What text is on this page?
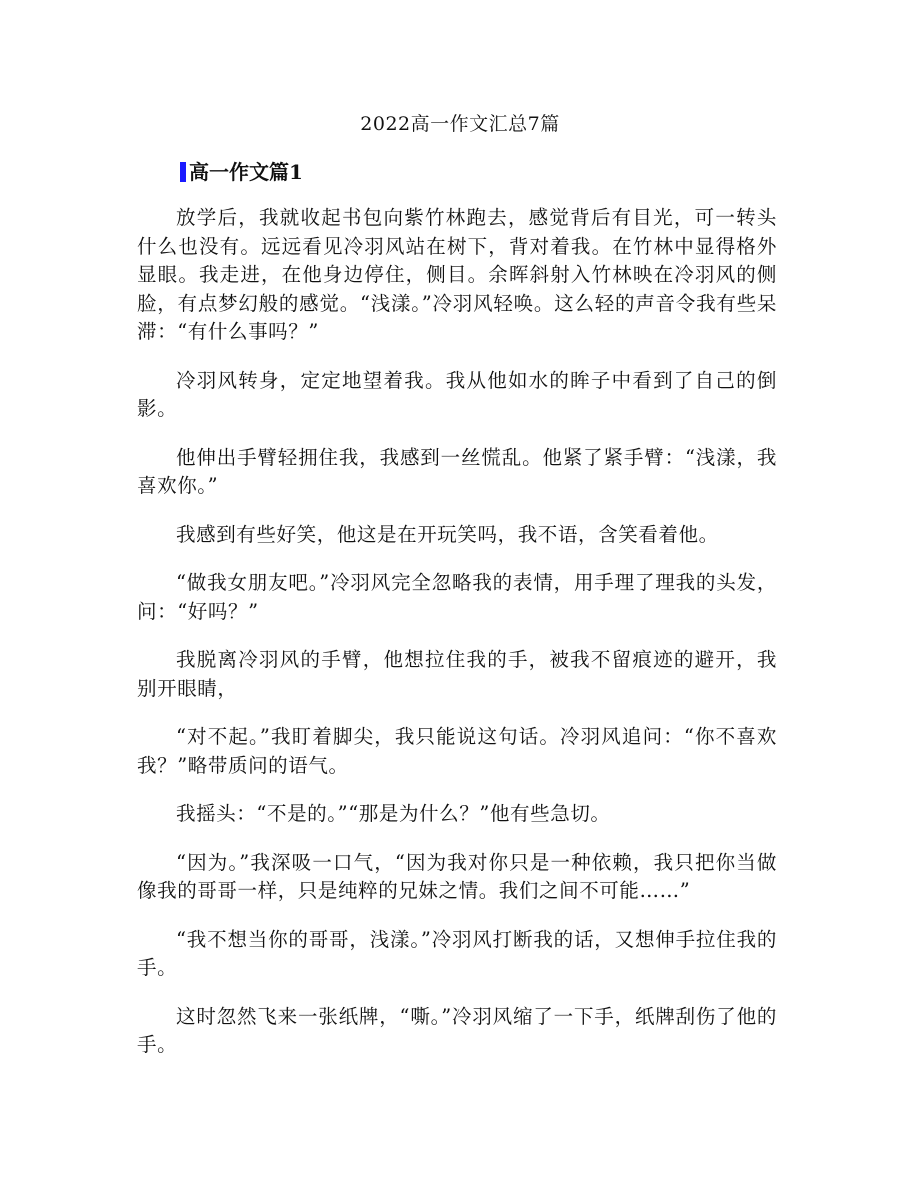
2022高一作文汇总7篇
高一作文篇1

放学后，我就收起书包向紫竹林跑去，感觉背后有目光，可一转头什么也没有。远远看见冷羽风站在树下，背对着我。在竹林中显得格外显眼。我走进，在他身边停住，侧目。余晖斜射入竹林映在冷羽风的侧脸，有点梦幻般的感觉。“浅漾。”冷羽风轻唤。这么轻的声音令我有些呆滞：“有什么事吗？”

冷羽风转身，定定地望着我。我从他如水的眸子中看到了自己的倒影。

他伸出手臂轻拥住我，我感到一丝慌乱。他紧了紧手臂：“浅漾，我喜欢你。”

我感到有些好笑，他这是在开玩笑吗，我不语，含笑看着他。

“做我女朋友吧。”冷羽风完全忽略我的表情，用手理了理我的头发，问：“好吗？”

我脱离冷羽风的手臂，他想拉住我的手，被我不留痕迹的避开，我别开眼睛，

“对不起。”我盯着脚尖，我只能说这句话。冷羽风追问：“你不喜欢我？”略带质问的语气。

我摇头：“不是的。”“那是为什么？”他有些急切。

“因为。”我深吸一口气，“因为我对你只是一种依赖，我只把你当做像我的哥哥一样，只是纯粹的兄妹之情。我们之间不可能……”

“我不想当你的哥哥，浅漾。”冷羽风打断我的话，又想伸手拉住我的手。

这时忽然飞来一张纸牌，“嘶。”冷羽风缩了一下手，纸牌刮伤了他的手。
